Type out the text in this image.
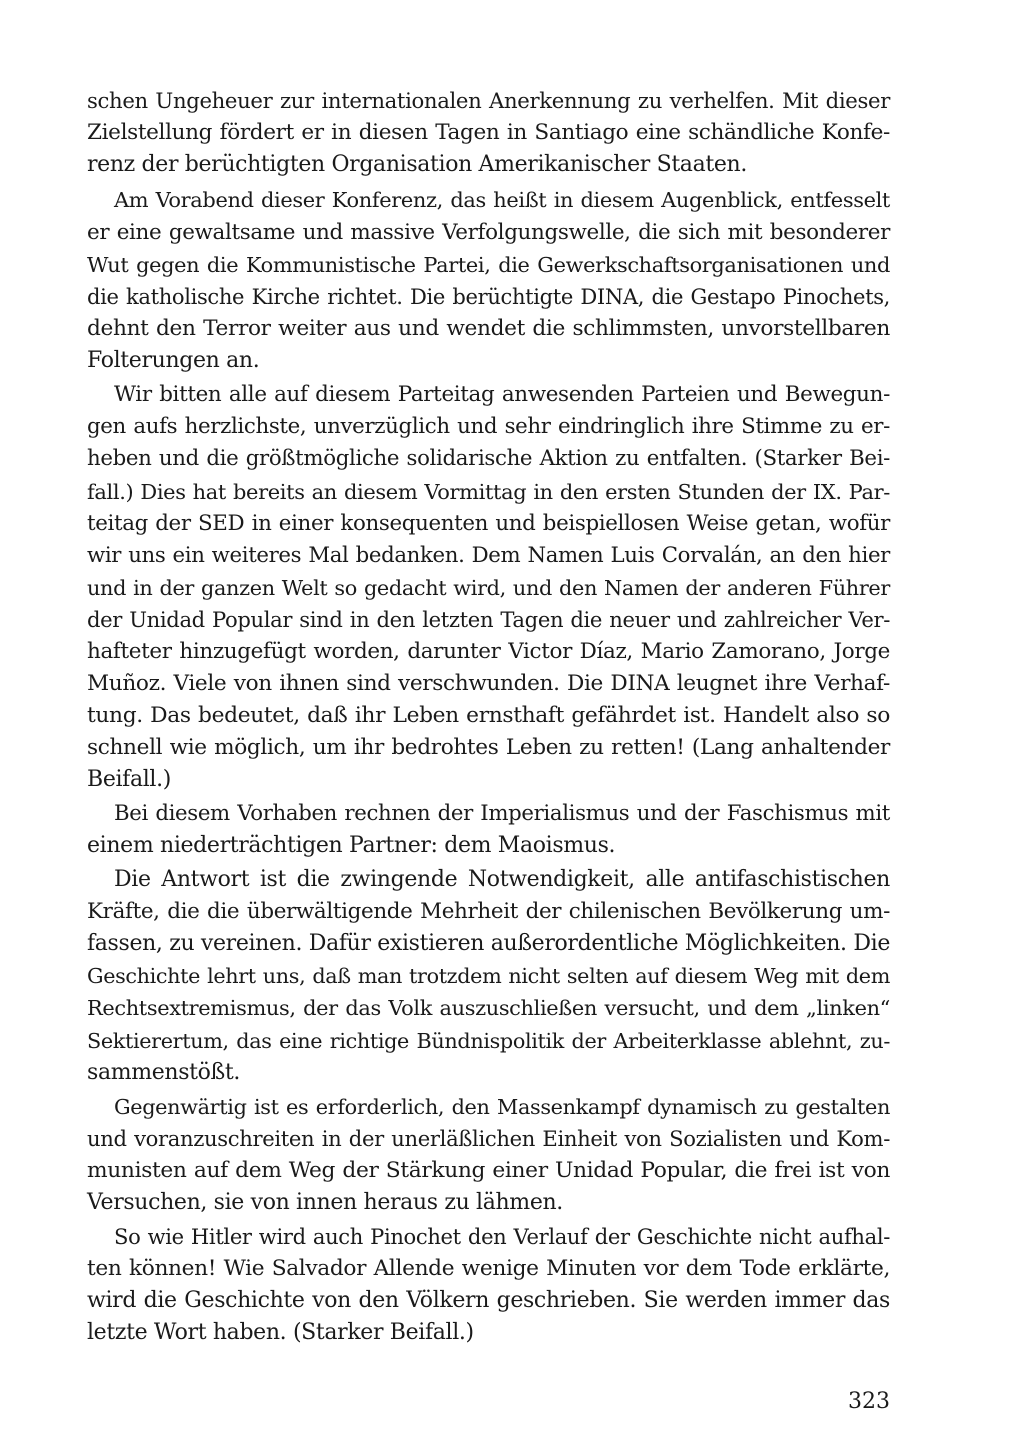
schen Ungeheuer zur internationalen Anerkennung zu verhelfen. Mit dieser
Zielstellung fördert er in diesen Tagen in Santiago eine schändliche Konfe-
renz der berüchtigten Organisation Amerikanischer Staaten.
Am Vorabend dieser Konferenz, das heißt in diesem Augenblick, entfesselt
er eine gewaltsame und massive Verfolgungswelle, die sich mit besonderer
Wut gegen die Kommunistische Partei, die Gewerkschaftsorganisationen und
die katholische Kirche richtet. Die berüchtigte DINA, die Gestapo Pinochets,
dehnt den Terror weiter aus und wendet die schlimmsten, unvorstellbaren
Folterungen an.
Wir bitten alle auf diesem Parteitag anwesenden Parteien und Bewegun-
gen aufs herzlichste, unverzüglich und sehr eindringlich ihre Stimme zu er-
heben und die größtmögliche solidarische Aktion zu entfalten. (Starker Bei-
fall.) Dies hat bereits an diesem Vormittag in den ersten Stunden der IX. Par-
teitag der SED in einer konsequenten und beispiellosen Weise getan, wofür
wir uns ein weiteres Mal bedanken. Dem Namen Luis Corvalán, an den hier
und in der ganzen Welt so gedacht wird, und den Namen der anderen Führer
der Unidad Popular sind in den letzten Tagen die neuer und zahlreicher Ver-
hafteter hinzugefügt worden, darunter Victor Díaz, Mario Zamorano, Jorge
Muñoz. Viele von ihnen sind verschwunden. Die DINA leugnet ihre Verhaf-
tung. Das bedeutet, daß ihr Leben ernsthaft gefährdet ist. Handelt also so
schnell wie möglich, um ihr bedrohtes Leben zu retten! (Lang anhaltender
Beifall.)
Bei diesem Vorhaben rechnen der Imperialismus und der Faschismus mit
einem niederträchtigen Partner: dem Maoismus.
Die Antwort ist die zwingende Notwendigkeit, alle antifaschistischen
Kräfte, die die überwältigende Mehrheit der chilenischen Bevölkerung um-
fassen, zu vereinen. Dafür existieren außerordentliche Möglichkeiten. Die
Geschichte lehrt uns, daß man trotzdem nicht selten auf diesem Weg mit dem
Rechtsextremismus, der das Volk auszuschließen versucht, und dem „linken“
Sektierertum, das eine richtige Bündnispolitik der Arbeiterklasse ablehnt, zu-
sammenstößt.
Gegenwärtig ist es erforderlich, den Massenkampf dynamisch zu gestalten
und voranzuschreiten in der unerläßlichen Einheit von Sozialisten und Kom-
munisten auf dem Weg der Stärkung einer Unidad Popular, die frei ist von
Versuchen, sie von innen heraus zu lähmen.
So wie Hitler wird auch Pinochet den Verlauf der Geschichte nicht aufhal-
ten können! Wie Salvador Allende wenige Minuten vor dem Tode erklärte,
wird die Geschichte von den Völkern geschrieben. Sie werden immer das
letzte Wort haben. (Starker Beifall.)
323
